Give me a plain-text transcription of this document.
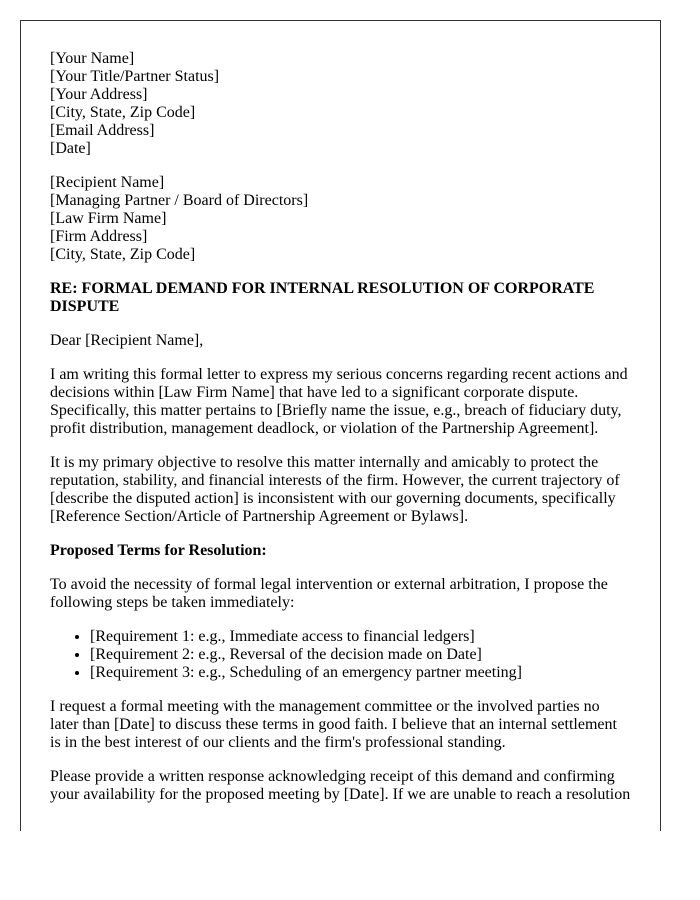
[Your Name]
[Your Title/Partner Status]
[Your Address]
[City, State, Zip Code]
[Email Address]
[Date]
[Recipient Name]
[Managing Partner / Board of Directors]
[Law Firm Name]
[Firm Address]
[City, State, Zip Code]
RE: FORMAL DEMAND FOR INTERNAL RESOLUTION OF CORPORATE DISPUTE

Dear [Recipient Name],

I am writing this formal letter to express my serious concerns regarding recent actions and decisions within [Law Firm Name] that have led to a significant corporate dispute. Specifically, this matter pertains to [Briefly name the issue, e.g., breach of fiduciary duty, profit distribution, management deadlock, or violation of the Partnership Agreement].

It is my primary objective to resolve this matter internally and amicably to protect the reputation, stability, and financial interests of the firm. However, the current trajectory of [describe the disputed action] is inconsistent with our governing documents, specifically [Reference Section/Article of Partnership Agreement or Bylaws].

Proposed Terms for Resolution:

To avoid the necessity of formal legal intervention or external arbitration, I propose the following steps be taken immediately:

• [Requirement 1: e.g., Immediate access to financial ledgers]
• [Requirement 2: e.g., Reversal of the decision made on Date]
• [Requirement 3: e.g., Scheduling of an emergency partner meeting]

I request a formal meeting with the management committee or the involved parties no later than [Date] to discuss these terms in good faith. I believe that an internal settlement is in the best interest of our clients and the firm's professional standing.

Please provide a written response acknowledging receipt of this demand and confirming your availability for the proposed meeting by [Date]. If we are unable to reach a resolution
